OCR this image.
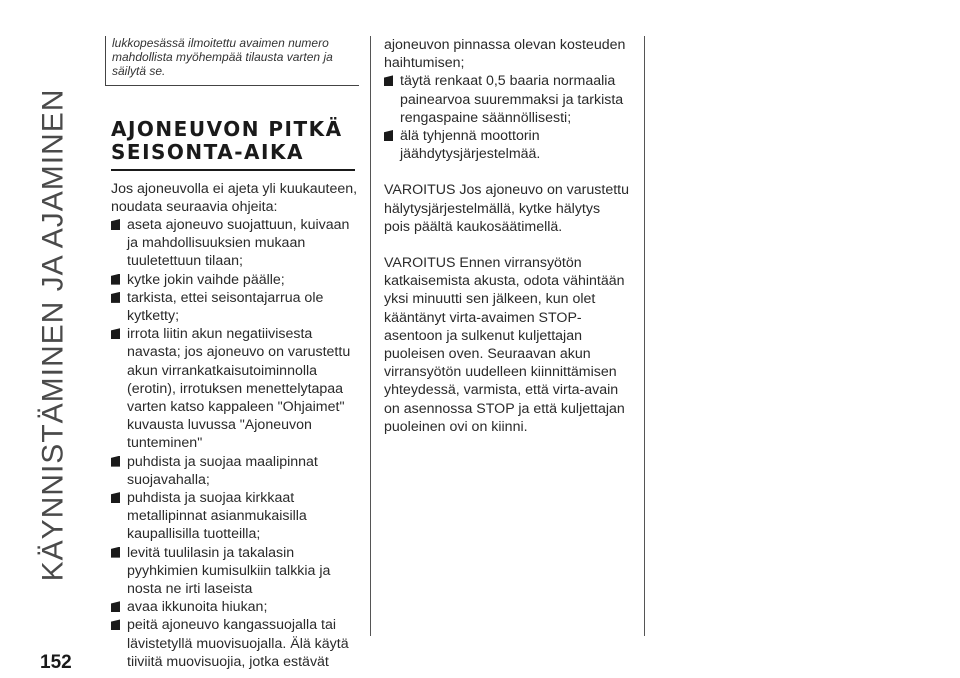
KÄYNNISTÄMINEN JA AJAMINEN
152

lukkopesässä ilmoitettu avaimen numero mahdollista myöhempää tilausta varten ja säilytä se.

AJONEUVON PITKÄ
SEISONTA-AIKA

Jos ajoneuvolla ei ajeta yli kuukauteen, noudata seuraavia ohjeita:

aseta ajoneuvo suojattuun, kuivaan ja mahdollisuuksien mukaan tuuletettuun tilaan;
kytke jokin vaihde päälle;
tarkista, ettei seisontajarrua ole kytketty;
irrota liitin akun negatiivisesta navasta; jos ajoneuvo on varustettu akun virrankatkaisutoiminnolla (erotin), irrotuksen menettelytapaa varten katso kappaleen "Ohjaimet" kuvausta luvussa "Ajoneuvon tunteminen"
puhdista ja suojaa maalipinnat suojavahalla;
puhdista ja suojaa kirkkaat metallipinnat asianmukaisilla kaupallisilla tuotteilla;
levitä tuulilasin ja takalasin pyyhkimien kumisulkiin talkkia ja nosta ne irti laseista
avaa ikkunoita hiukan;
peitä ajoneuvo kangassuojalla tai lävistetyllä muovisuojalla. Älä käytä tiiviitä muovisuojia, jotka estävät

ajoneuvon pinnassa olevan kosteuden haihtumisen;

täytä renkaat 0,5 baaria normaalia painearvoa suuremmaksi ja tarkista rengaspaine säännöllisesti;
älä tyhjennä moottorin jäähdytysjärjestelmää.

VAROITUS Jos ajoneuvo on varustettu hälytysjärjestelmällä, kytke hälytys pois päältä kaukosäätimellä.

VAROITUS Ennen virransyötön katkaisemista akusta, odota vähintään yksi minuutti sen jälkeen, kun olet kääntänyt virta-avaimen STOP-asentoon ja sulkenut kuljettajan puoleisen oven. Seuraavan akun virransyötön uudelleen kiinnittämisen yhteydessä, varmista, että virta-avain on asennossa STOP ja että kuljettajan puoleinen ovi on kiinni.
